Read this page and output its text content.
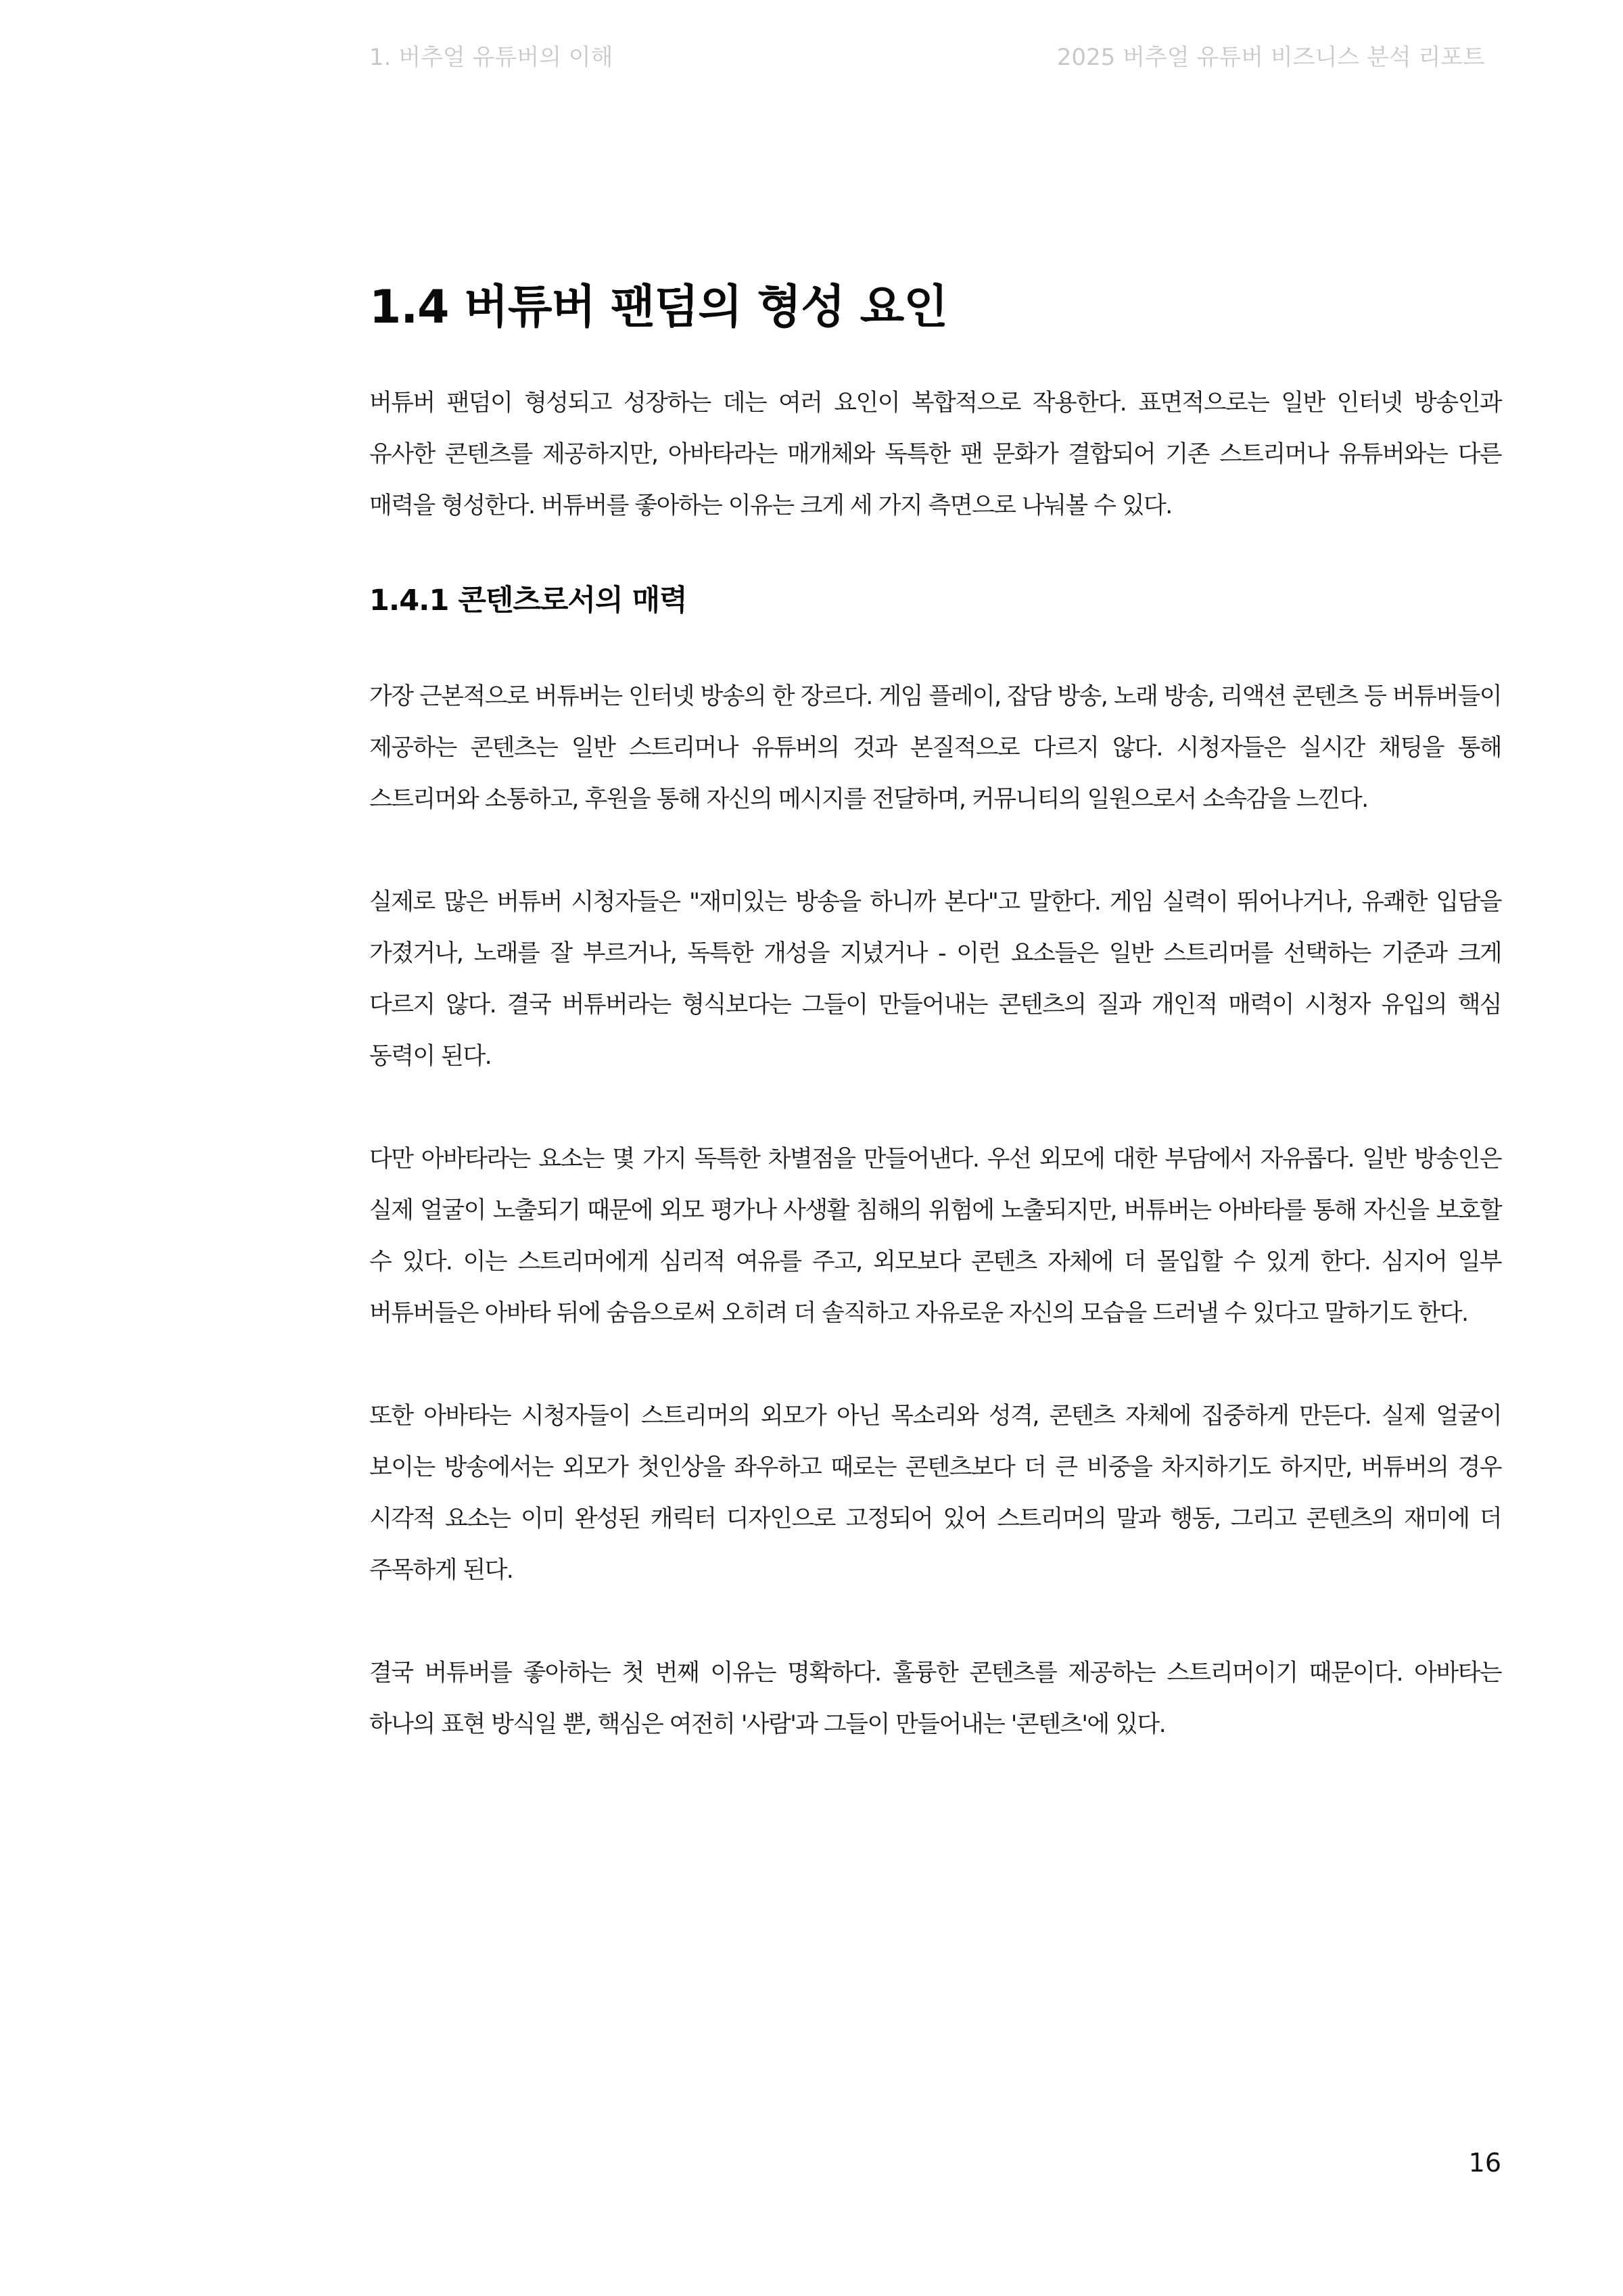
1. 버추얼 유튜버의 이해	2025 버추얼 유튜버 비즈니스 분석 리포트
1.4 버튜버 팬덤의 형성 요인

버튜버 팬덤이 형성되고 성장하는 데는 여러 요인이 복합적으로 작용한다. 표면적으로는 일반 인터넷 방송인과 유사한 콘텐츠를 제공하지만, 아바타라는 매개체와 독특한 팬 문화가 결합되어 기존 스트리머나 유튜버와는 다른 매력을 형성한다. 버튜버를 좋아하는 이유는 크게 세 가지 측면으로 나눠볼 수 있다.

1.4.1 콘텐츠로서의 매력

가장 근본적으로 버튜버는 인터넷 방송의 한 장르다. 게임 플레이, 잡담 방송, 노래 방송, 리액션 콘텐츠 등 버튜버들이 제공하는 콘텐츠는 일반 스트리머나 유튜버의 것과 본질적으로 다르지 않다. 시청자들은 실시간 채팅을 통해 스트리머와 소통하고, 후원을 통해 자신의 메시지를 전달하며, 커뮤니티의 일원으로서 소속감을 느낀다.

실제로 많은 버튜버 시청자들은 "재미있는 방송을 하니까 본다"고 말한다. 게임 실력이 뛰어나거나, 유쾌한 입담을 가졌거나, 노래를 잘 부르거나, 독특한 개성을 지녔거나 - 이런 요소들은 일반 스트리머를 선택하는 기준과 크게 다르지 않다. 결국 버튜버라는 형식보다는 그들이 만들어내는 콘텐츠의 질과 개인적 매력이 시청자 유입의 핵심 동력이 된다.

다만 아바타라는 요소는 몇 가지 독특한 차별점을 만들어낸다. 우선 외모에 대한 부담에서 자유롭다. 일반 방송인은 실제 얼굴이 노출되기 때문에 외모 평가나 사생활 침해의 위험에 노출되지만, 버튜버는 아바타를 통해 자신을 보호할 수 있다. 이는 스트리머에게 심리적 여유를 주고, 외모보다 콘텐츠 자체에 더 몰입할 수 있게 한다. 심지어 일부 버튜버들은 아바타 뒤에 숨음으로써 오히려 더 솔직하고 자유로운 자신의 모습을 드러낼 수 있다고 말하기도 한다.

또한 아바타는 시청자들이 스트리머의 외모가 아닌 목소리와 성격, 콘텐츠 자체에 집중하게 만든다. 실제 얼굴이 보이는 방송에서는 외모가 첫인상을 좌우하고 때로는 콘텐츠보다 더 큰 비중을 차지하기도 하지만, 버튜버의 경우 시각적 요소는 이미 완성된 캐릭터 디자인으로 고정되어 있어 스트리머의 말과 행동, 그리고 콘텐츠의 재미에 더 주목하게 된다.

결국 버튜버를 좋아하는 첫 번째 이유는 명확하다. 훌륭한 콘텐츠를 제공하는 스트리머이기 때문이다. 아바타는 하나의 표현 방식일 뿐, 핵심은 여전히 '사람'과 그들이 만들어내는 '콘텐츠'에 있다.

16
